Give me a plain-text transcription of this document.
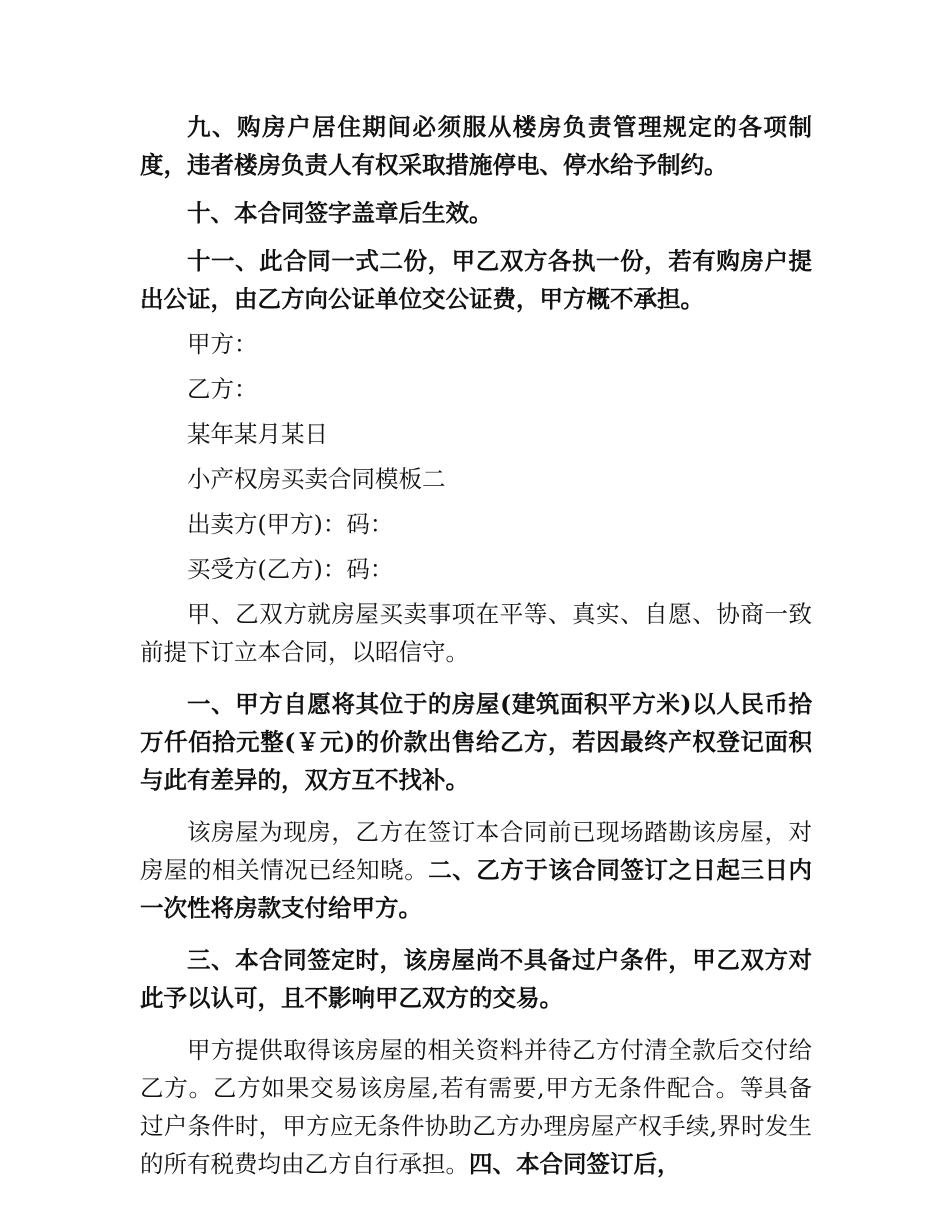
九、购房户居住期间必须服从楼房负责管理规定的各项制度，违者楼房负责人有权采取措施停电、停水给予制约。

十、本合同签字盖章后生效。

十一、此合同一式二份，甲乙双方各执一份，若有购房户提出公证，由乙方向公证单位交公证费，甲方概不承担。

甲方：

乙方：

某年某月某日

小产权房买卖合同模板二

出卖方(甲方)：码：

买受方(乙方)：码：

甲、乙双方就房屋买卖事项在平等、真实、自愿、协商一致前提下订立本合同，以昭信守。

一、甲方自愿将其位于的房屋(建筑面积平方米)以人民币拾万仟佰拾元整(￥元)的价款出售给乙方，若因最终产权登记面积与此有差异的，双方互不找补。

该房屋为现房，乙方在签订本合同前已现场踏勘该房屋，对房屋的相关情况已经知晓。二、乙方于该合同签订之日起三日内一次性将房款支付给甲方。

三、本合同签定时，该房屋尚不具备过户条件，甲乙双方对此予以认可，且不影响甲乙双方的交易。

甲方提供取得该房屋的相关资料并待乙方付清全款后交付给乙方。乙方如果交易该房屋,若有需要,甲方无条件配合。等具备过户条件时，甲方应无条件协助乙方办理房屋产权手续,界时发生的所有税费均由乙方自行承担。四、本合同签订后，
